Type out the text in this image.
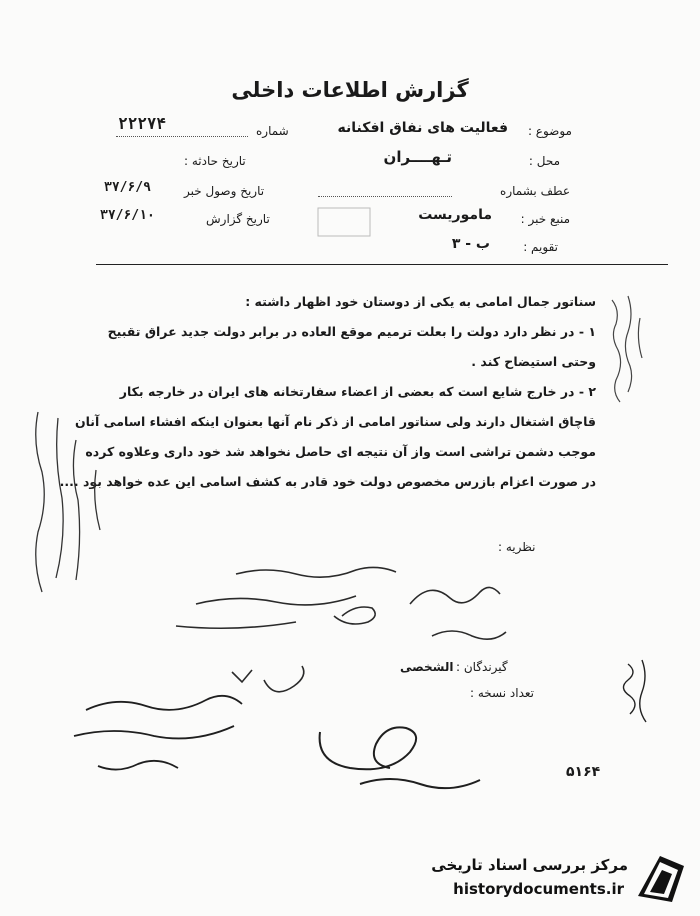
گزارش اطلاعات داخلی
موضوع :
فعالیت های نفاق افکنانه
محل :
تـهــــران
عطف بشماره
منبع خبر :
ماموریست
تقویم :
ب - ۳
شماره
۲۲۲۷۴
تاریخ حادثه :
تاریخ وصول خبر
۳۷/۶/۹
تاریخ گزارش
۳۷/۶/۱۰
سناتور جمال امامی به یکی از دوستان خود اظهار داشته :
۱ - در نظر دارد دولت را بعلت ترمیم موقع العاده در برابر دولت جدید عراق تقبیح
وحتی استیضاح کند .
۲ - در خارج شایع است که بعضی از اعضاء سفارتخانه های ایران در خارجه بکار
قاچاق اشتغال دارند ولی سناتور امامی از ذکر نام آنها بعنوان اینکه افشاء اسامی آنان
موجب دشمن تراشی است واز آن نتیجه ای حاصل نخواهد شد خود داری وعلاوه کرده
در صورت اعزام بازرس مخصوص دولت خود قادر به کشف اسامی این عده خواهد بود ....
نظریه :
گیرندگان :
الشخصی
تعداد نسخه :
۵۱۶۴
مرکز بررسی اسناد تاریخی
historydocuments.ir
